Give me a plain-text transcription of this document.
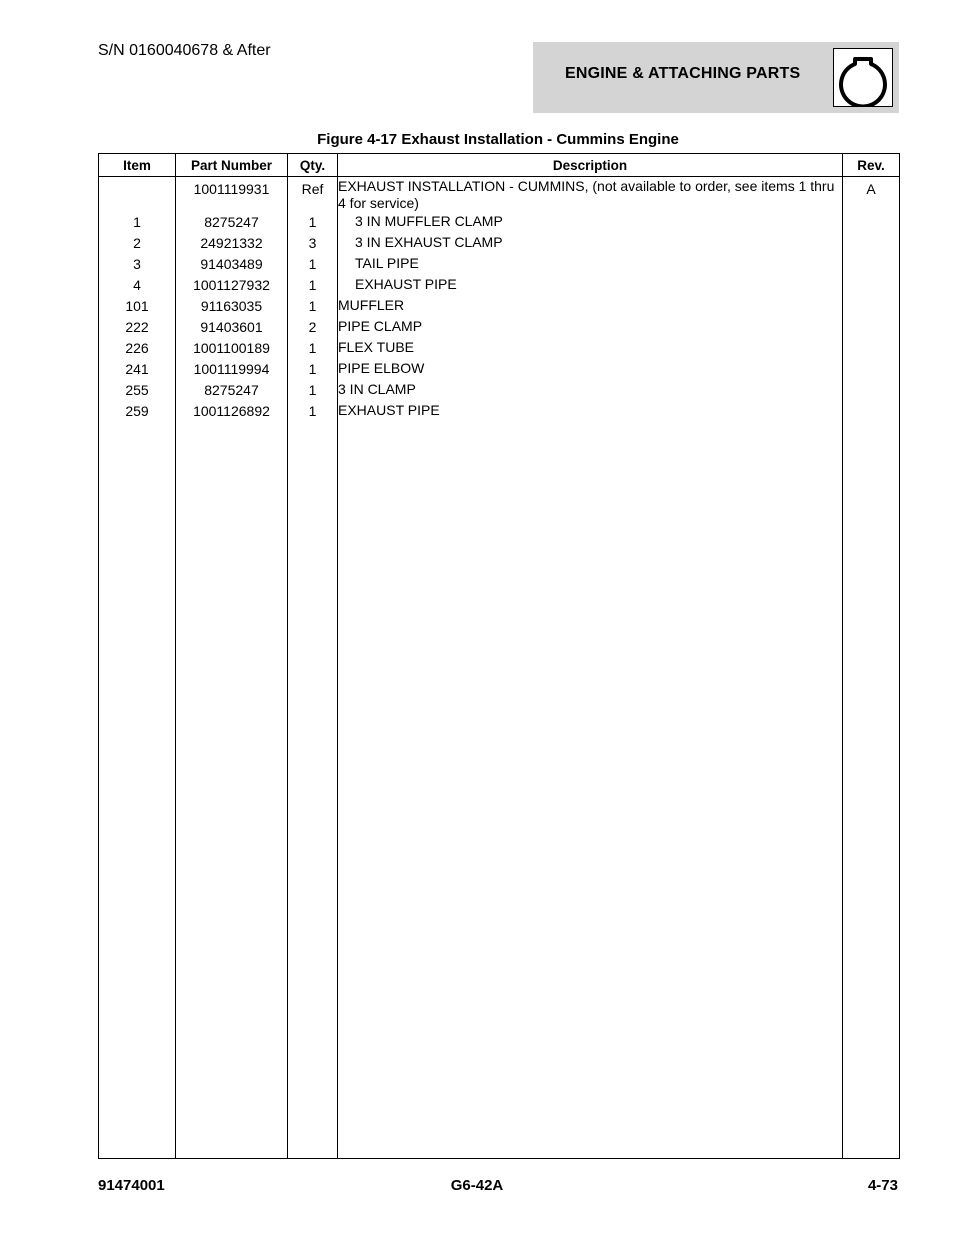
S/N 0160040678 & After
ENGINE & ATTACHING PARTS
Figure 4-17 Exhaust Installation - Cummins Engine
Item	Part Number	Qty.	Description	Rev.
	1001119931	Ref	EXHAUST INSTALLATION - CUMMINS, (not available to order, see items 1 thru 4 for service)	A
1	8275247	1	3 IN MUFFLER CLAMP	
2	24921332	3	3 IN EXHAUST CLAMP	
3	91403489	1	TAIL PIPE	
4	1001127932	1	EXHAUST PIPE	
101	91163035	1	MUFFLER	
222	91403601	2	PIPE CLAMP	
226	1001100189	1	FLEX TUBE	
241	1001119994	1	PIPE ELBOW	
255	8275247	1	3 IN CLAMP	
259	1001126892	1	EXHAUST PIPE	

91474001	G6-42A	4-73
